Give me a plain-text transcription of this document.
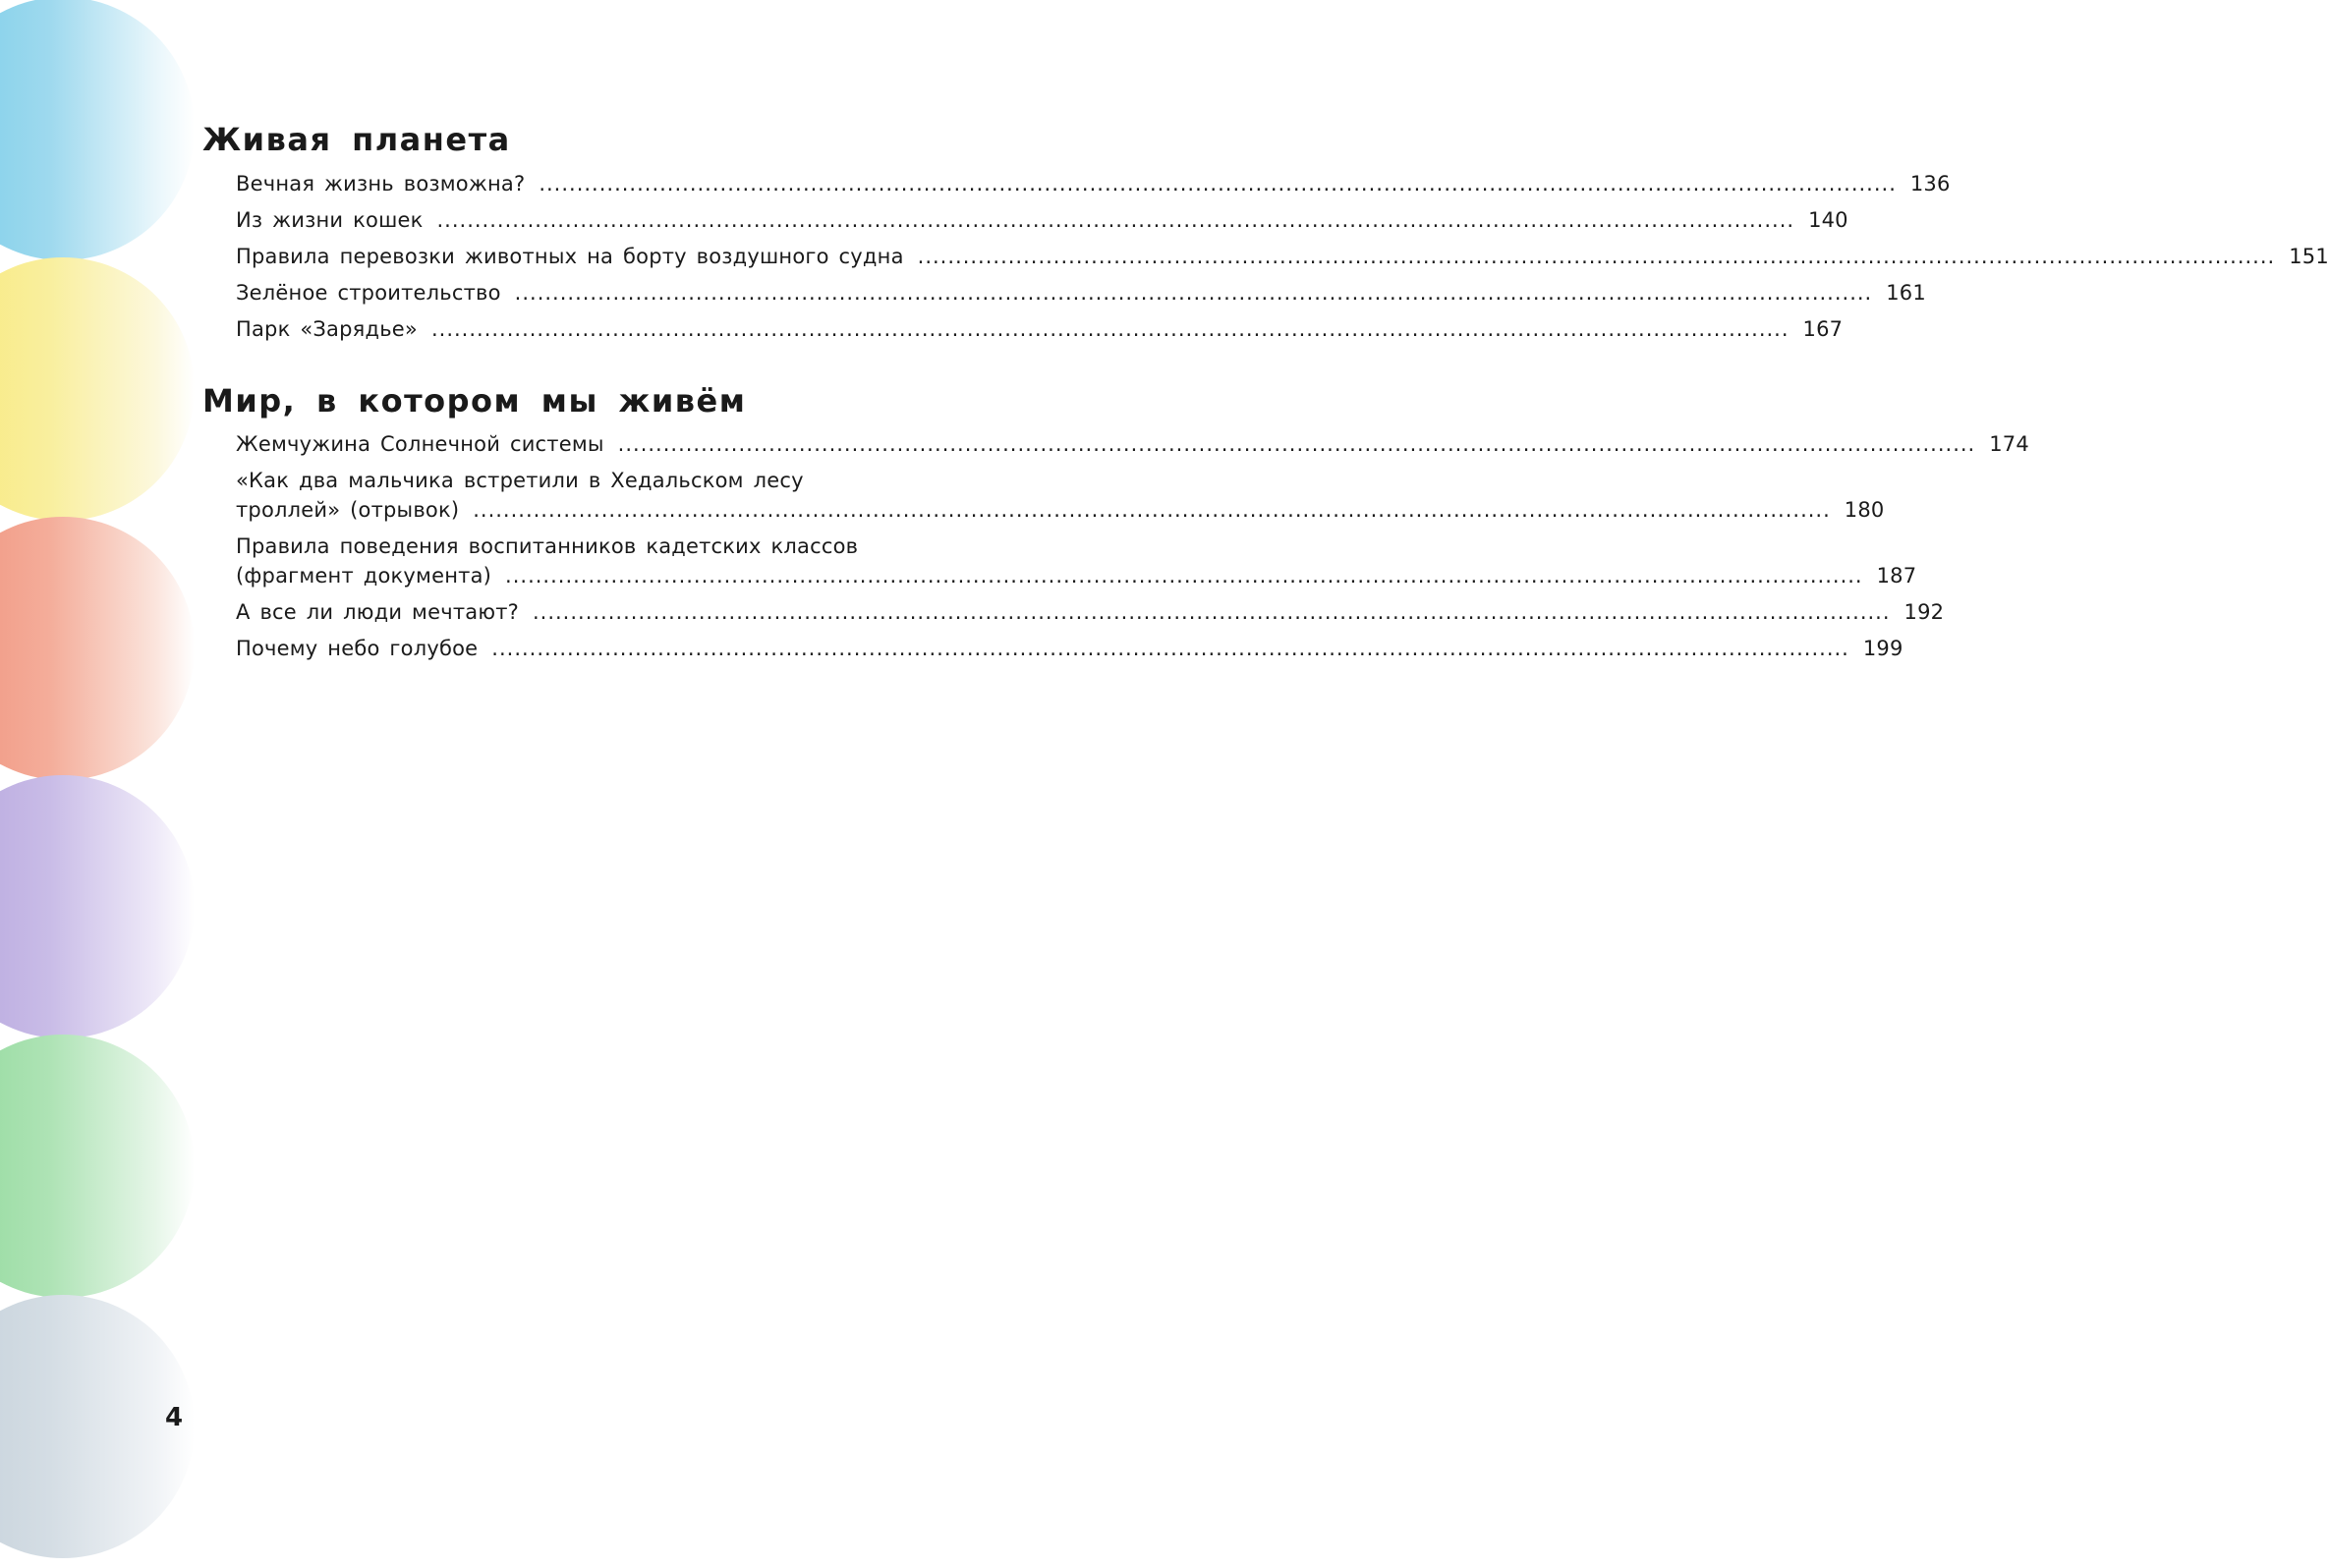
Живая планета
Вечная жизнь возможна? .................................................................................................................................................................................... 136
Из жизни кошек .................................................................................................................................................................................... 140
Правила перевозки животных на борту воздушного судна .................................................................................................................................................................................... 151
Зелёное строительство .................................................................................................................................................................................... 161
Парк «Зарядье» .................................................................................................................................................................................... 167
Мир, в котором мы живём
Жемчужина Солнечной системы .................................................................................................................................................................................... 174
«Как два мальчика встретили в Хедальском лесу
троллей» (отрывок) .................................................................................................................................................................................... 180
Правила поведения воспитанников кадетских классов
(фрагмент документа) .................................................................................................................................................................................... 187
А все ли люди мечтают? .................................................................................................................................................................................... 192
Почему небо голубое .................................................................................................................................................................................... 199
4
